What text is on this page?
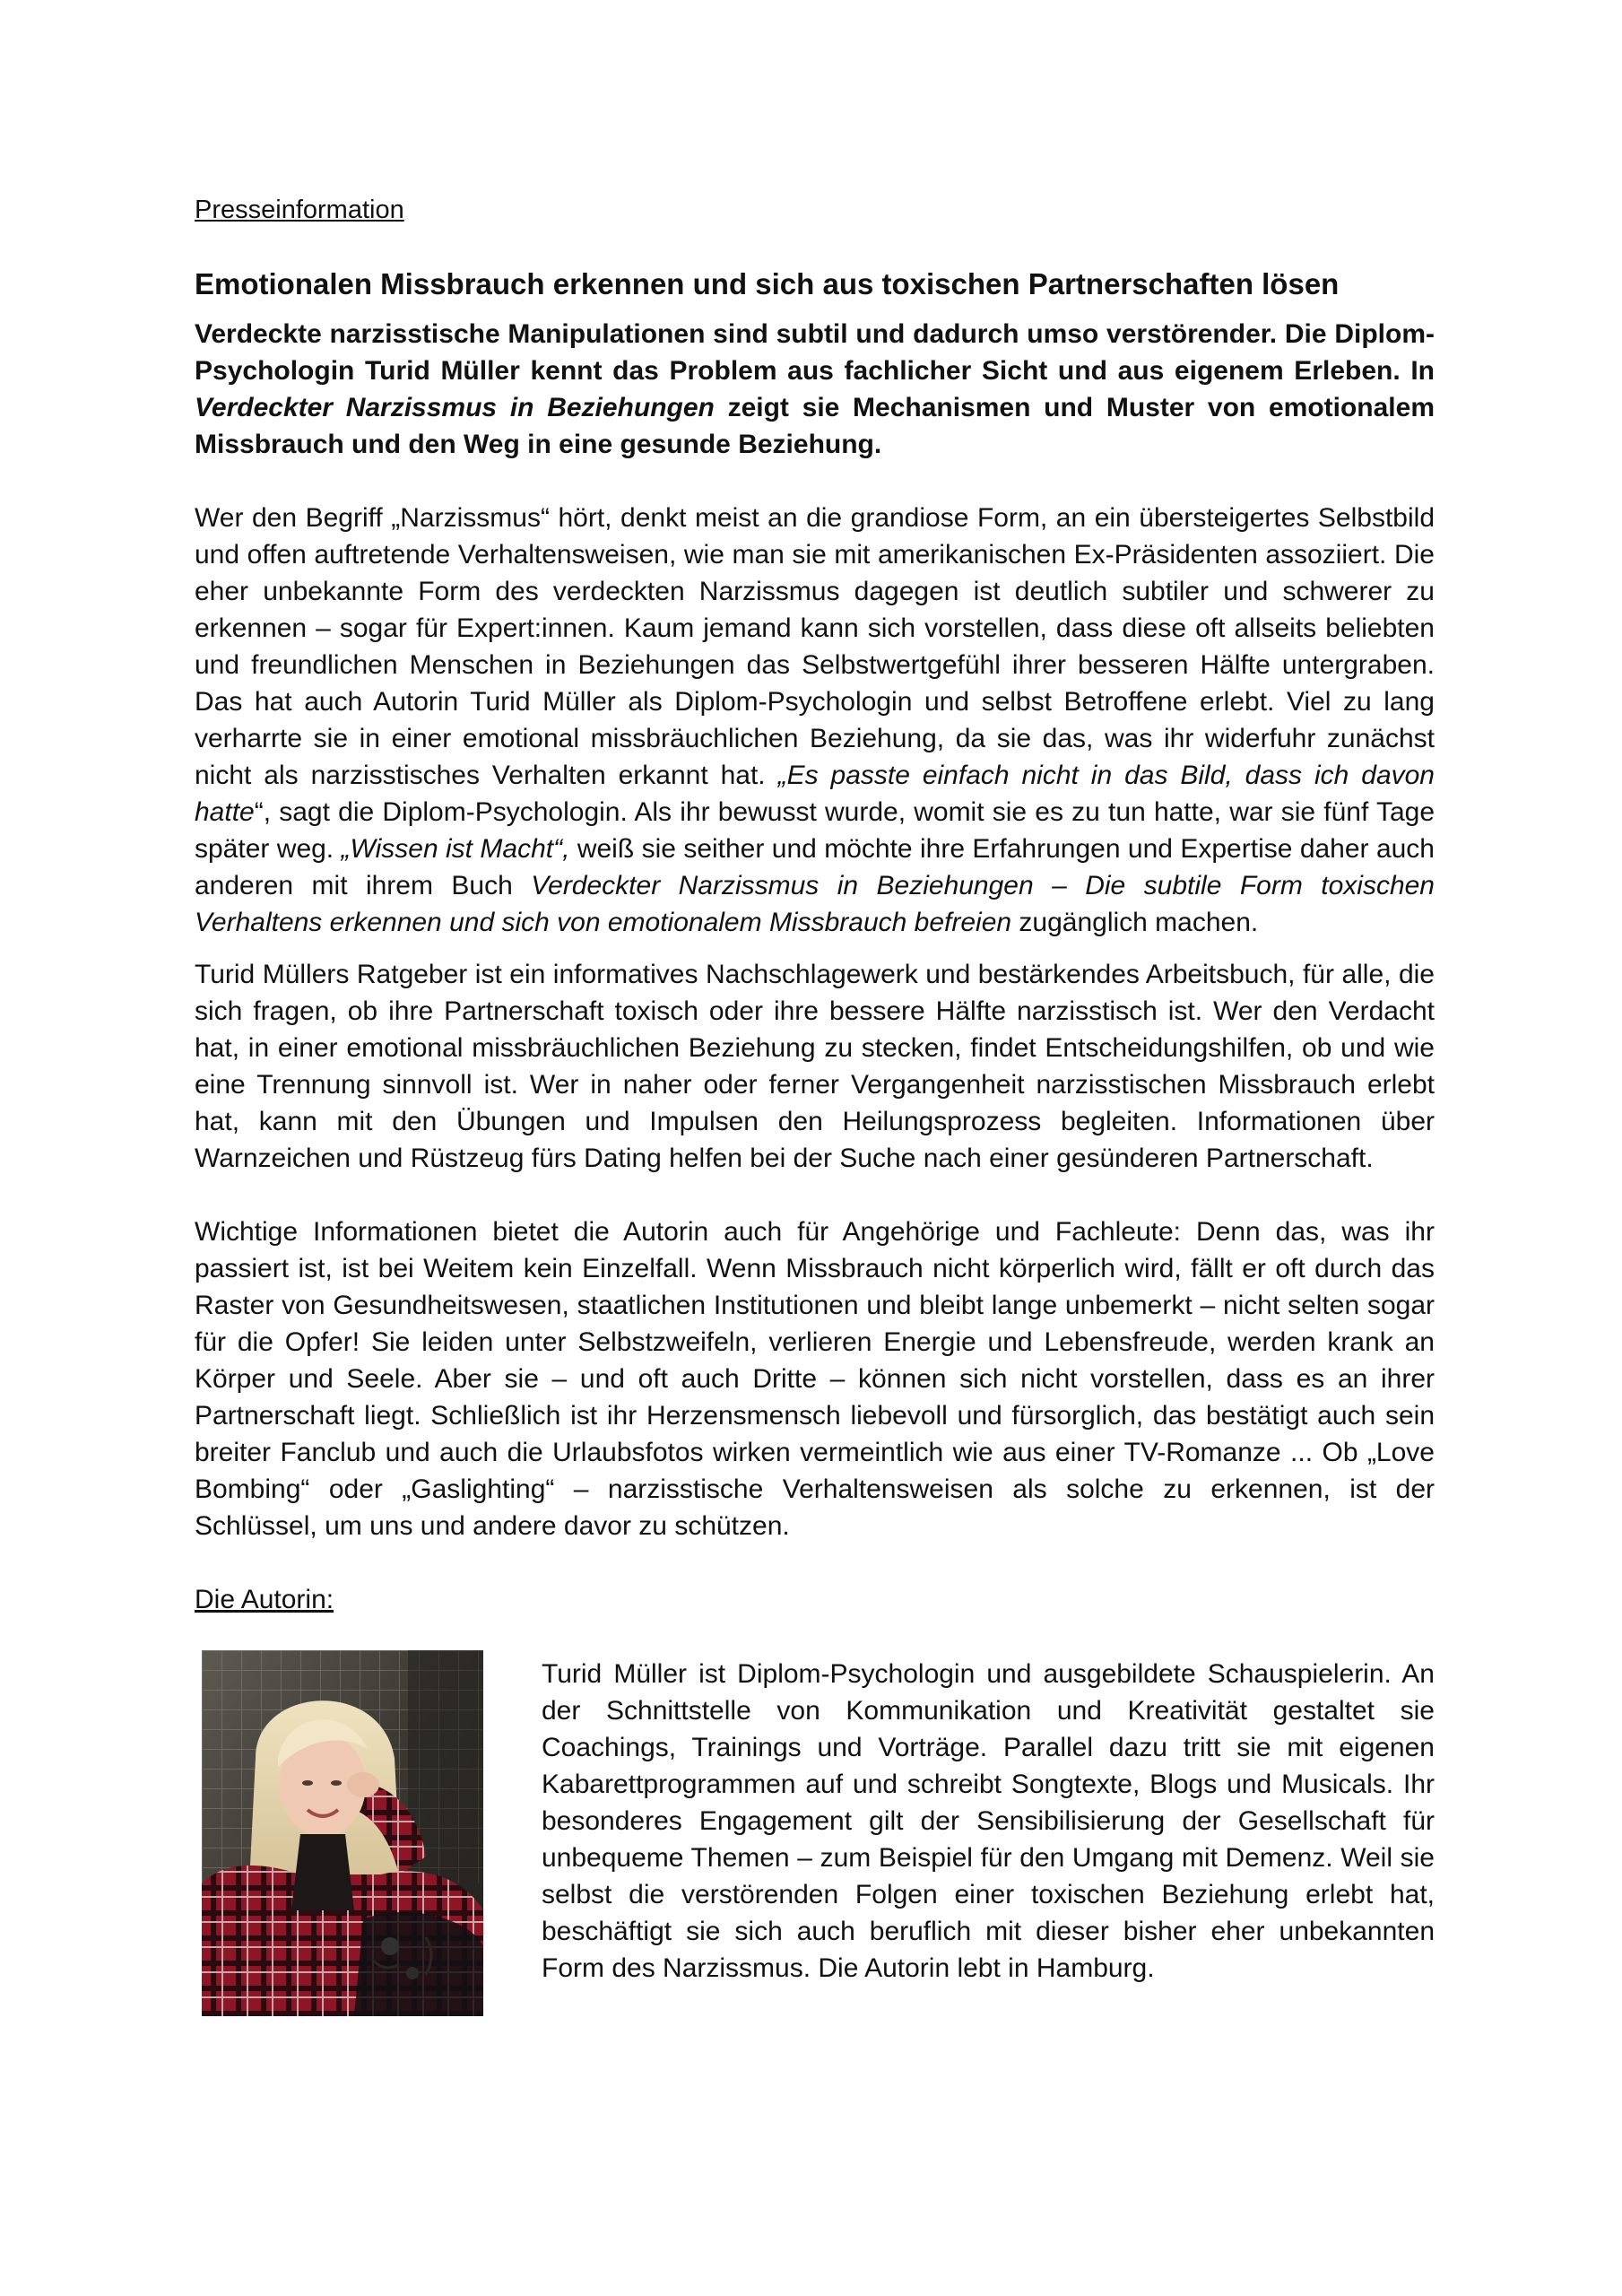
Presseinformation

Emotionalen Missbrauch erkennen und sich aus toxischen Partnerschaften lösen

Verdeckte narzisstische Manipulationen sind subtil und dadurch umso verstörender. Die Diplom-Psychologin Turid Müller kennt das Problem aus fachlicher Sicht und aus eigenem Erleben. In Verdeckter Narzissmus in Beziehungen zeigt sie Mechanismen und Muster von emotionalem Missbrauch und den Weg in eine gesunde Beziehung.

Wer den Begriff „Narzissmus“ hört, denkt meist an die grandiose Form, an ein übersteigertes Selbstbild und offen auftretende Verhaltensweisen, wie man sie mit amerikanischen Ex-Präsidenten assoziiert. Die eher unbekannte Form des verdeckten Narzissmus dagegen ist deutlich subtiler und schwerer zu erkennen – sogar für Expert:innen. Kaum jemand kann sich vorstellen, dass diese oft allseits beliebten und freundlichen Menschen in Beziehungen das Selbstwertgefühl ihrer besseren Hälfte untergraben. Das hat auch Autorin Turid Müller als Diplom-Psychologin und selbst Betroffene erlebt. Viel zu lang verharrte sie in einer emotional missbräuchlichen Beziehung, da sie das, was ihr widerfuhr zunächst nicht als narzisstisches Verhalten erkannt hat. „Es passte einfach nicht in das Bild, dass ich davon hatte“, sagt die Diplom-Psychologin. Als ihr bewusst wurde, womit sie es zu tun hatte, war sie fünf Tage später weg. „Wissen ist Macht“, weiß sie seither und möchte ihre Erfahrungen und Expertise daher auch anderen mit ihrem Buch Verdeckter Narzissmus in Beziehungen – Die subtile Form toxischen Verhaltens erkennen und sich von emotionalem Missbrauch befreien zugänglich machen.

Turid Müllers Ratgeber ist ein informatives Nachschlagewerk und bestärkendes Arbeitsbuch, für alle, die sich fragen, ob ihre Partnerschaft toxisch oder ihre bessere Hälfte narzisstisch ist. Wer den Verdacht hat, in einer emotional missbräuchlichen Beziehung zu stecken, findet Entscheidungshilfen, ob und wie eine Trennung sinnvoll ist. Wer in naher oder ferner Vergangenheit narzisstischen Missbrauch erlebt hat, kann mit den Übungen und Impulsen den Heilungsprozess begleiten. Informationen über Warnzeichen und Rüstzeug fürs Dating helfen bei der Suche nach einer gesünderen Partnerschaft.

Wichtige Informationen bietet die Autorin auch für Angehörige und Fachleute: Denn das, was ihr passiert ist, ist bei Weitem kein Einzelfall. Wenn Missbrauch nicht körperlich wird, fällt er oft durch das Raster von Gesundheitswesen, staatlichen Institutionen und bleibt lange unbemerkt – nicht selten sogar für die Opfer! Sie leiden unter Selbstzweifeln, verlieren Energie und Lebensfreude, werden krank an Körper und Seele. Aber sie – und oft auch Dritte – können sich nicht vorstellen, dass es an ihrer Partnerschaft liegt. Schließlich ist ihr Herzensmensch liebevoll und fürsorglich, das bestätigt auch sein breiter Fanclub und auch die Urlaubsfotos wirken vermeintlich wie aus einer TV-Romanze ... Ob „Love Bombing“ oder „Gaslighting“ – narzisstische Verhaltensweisen als solche zu erkennen, ist der Schlüssel, um uns und andere davor zu schützen.

Die Autorin:

Turid Müller ist Diplom-Psychologin und ausgebildete Schauspielerin. An der Schnittstelle von Kommunikation und Kreativität gestaltet sie Coachings, Trainings und Vorträge. Parallel dazu tritt sie mit eigenen Kabarettprogrammen auf und schreibt Songtexte, Blogs und Musicals. Ihr besonderes Engagement gilt der Sensibilisierung der Gesellschaft für unbequeme Themen – zum Beispiel für den Umgang mit Demenz. Weil sie selbst die verstörenden Folgen einer toxischen Beziehung erlebt hat, beschäftigt sie sich auch beruflich mit dieser bisher eher unbekannten Form des Narzissmus. Die Autorin lebt in Hamburg.
